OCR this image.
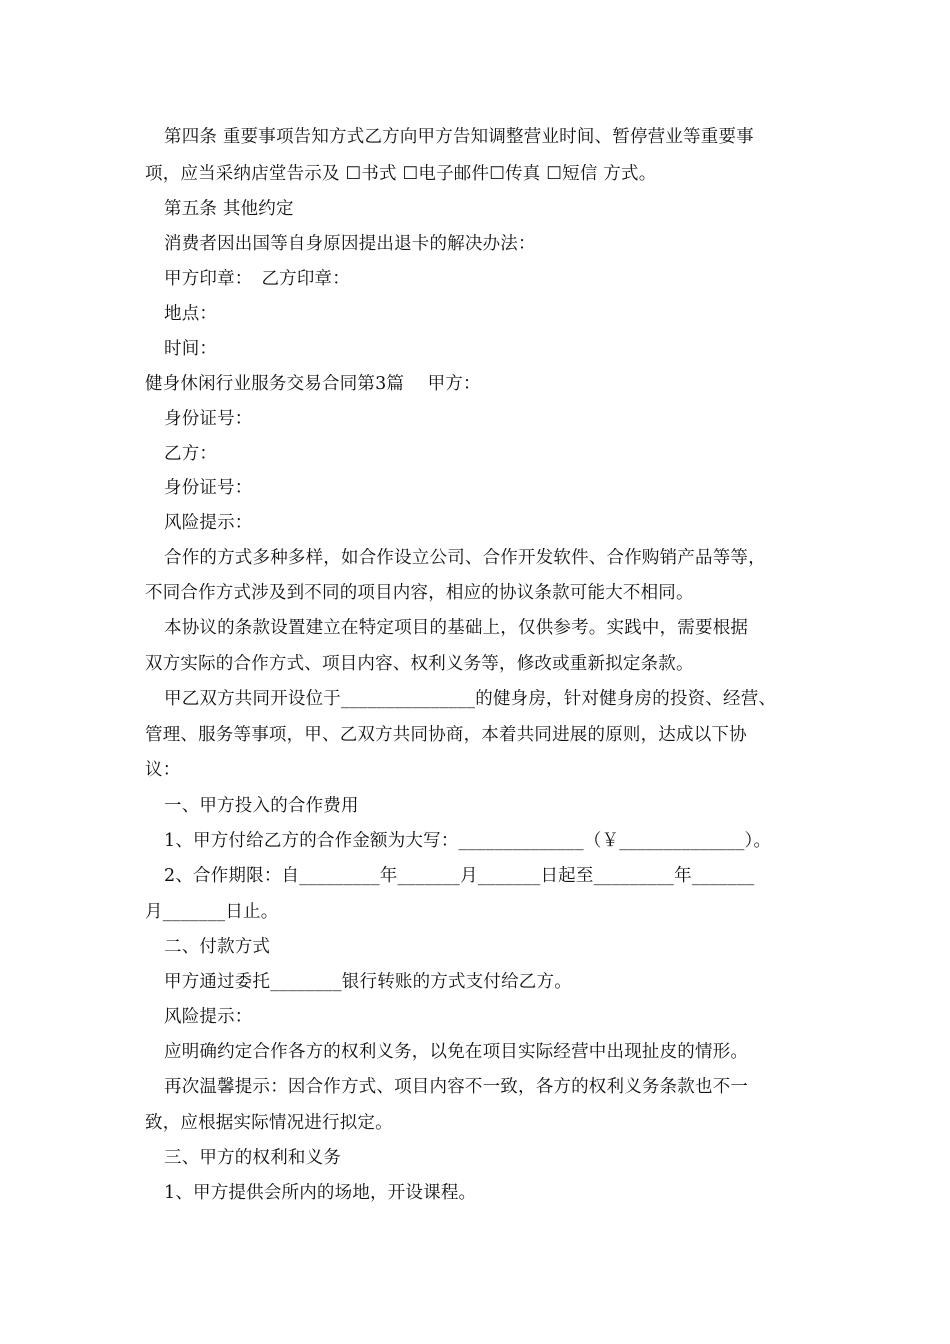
第四条 重要事项告知方式乙方向甲方告知调整营业时间、暂停营业等重要事
项，应当采纳店堂告示及 ☐书式 ☐电子邮件☐传真 ☐短信 方式。
第五条 其他约定
消费者因出国等自身原因提出退卡的解决办法：
甲方印章：　乙方印章：
地点：
时间：
健身休闲行业服务交易合同第3篇　 甲方：
身份证号：
乙方：
身份证号：
风险提示：
合作的方式多种多样，如合作设立公司、合作开发软件、合作购销产品等等，
不同合作方式涉及到不同的项目内容，相应的协议条款可能大不相同。
本协议的条款设置建立在特定项目的基础上，仅供参考。实践中，需要根据
双方实际的合作方式、项目内容、权利义务等，修改或重新拟定条款。
甲乙双方共同开设位于_______________的健身房，针对健身房的投资、经营、
管理、服务等事项，甲、乙双方共同协商，本着共同进展的原则，达成以下协
议：
一、甲方投入的合作费用
1、甲方付给乙方的合作金额为大写：______________（￥______________）。
2、合作期限：自_________年_______月_______日起至_________年_______
月_______日止。
二、付款方式
甲方通过委托________银行转账的方式支付给乙方。
风险提示：
应明确约定合作各方的权利义务，以免在项目实际经营中出现扯皮的情形。
再次温馨提示：因合作方式、项目内容不一致，各方的权利义务条款也不一
致，应根据实际情况进行拟定。
三、甲方的权利和义务
1、甲方提供会所内的场地，开设课程。
